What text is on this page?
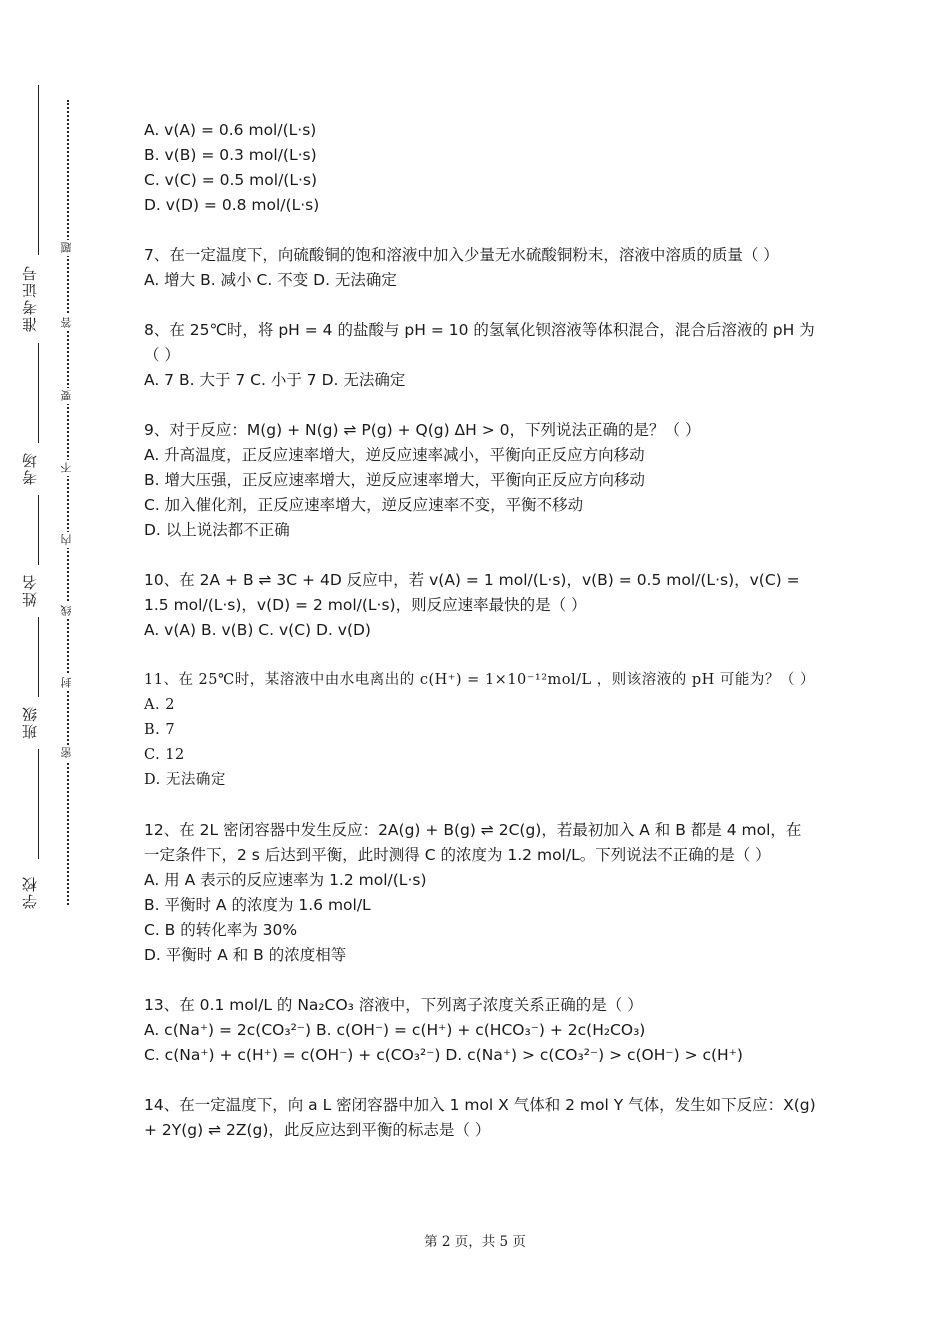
准考证号
考场
姓名
班级
学校
题
答
要
不
内
线
封
密
A. v(A) = 0.6 mol/(L·s)
B. v(B) = 0.3 mol/(L·s)
C. v(C) = 0.5 mol/(L·s)
D. v(D) = 0.8 mol/(L·s)
7、在一定温度下，向硫酸铜的饱和溶液中加入少量无水硫酸铜粉末，溶液中溶质的质量（ ）
A. 增大 B. 减小 C. 不变 D. 无法确定
8、在 25℃时，将 pH = 4 的盐酸与 pH = 10 的氢氧化钡溶液等体积混合，混合后溶液的 pH 为（ ）
A. 7 B. 大于 7 C. 小于 7 D. 无法确定
9、对于反应：M(g) + N(g) ⇌ P(g) + Q(g) ΔH > 0，下列说法正确的是？（ ）
A. 升高温度，正反应速率增大，逆反应速率减小，平衡向正反应方向移动
B. 增大压强，正反应速率增大，逆反应速率增大，平衡向正反应方向移动
C. 加入催化剂，正反应速率增大，逆反应速率不变，平衡不移动
D. 以上说法都不正确
10、在 2A + B ⇌ 3C + 4D 反应中，若 v(A) = 1 mol/(L·s)，v(B) = 0.5 mol/(L·s)，v(C) = 1.5 mol/(L·s)，v(D) = 2 mol/(L·s)，则反应速率最快的是（ ）
A. v(A) B. v(B) C. v(C) D. v(D)
11、在 25℃时，某溶液中由水电离出的 c(H⁺) = 1×10⁻¹²mol/L ，则该溶液的 pH 可能为？（ ）
A. 2
B. 7
C. 12
D. 无法确定
12、在 2L 密闭容器中发生反应：2A(g) + B(g) ⇌ 2C(g)，若最初加入 A 和 B 都是 4 mol，在一定条件下，2 s 后达到平衡，此时测得 C 的浓度为 1.2 mol/L。下列说法不正确的是（ ）
A. 用 A 表示的反应速率为 1.2 mol/(L·s)
B. 平衡时 A 的浓度为 1.6 mol/L
C. B 的转化率为 30%
D. 平衡时 A 和 B 的浓度相等
13、在 0.1 mol/L 的 Na₂CO₃ 溶液中，下列离子浓度关系正确的是（ ）
A. c(Na⁺) = 2c(CO₃²⁻) B. c(OH⁻) = c(H⁺) + c(HCO₃⁻) + 2c(H₂CO₃)
C. c(Na⁺) + c(H⁺) = c(OH⁻) + c(CO₃²⁻) D. c(Na⁺) > c(CO₃²⁻) > c(OH⁻) > c(H⁺)
14、在一定温度下，向 a L 密闭容器中加入 1 mol X 气体和 2 mol Y 气体，发生如下反应：X(g) + 2Y(g) ⇌ 2Z(g)，此反应达到平衡的标志是（ ）
第 2 页，共 5 页
